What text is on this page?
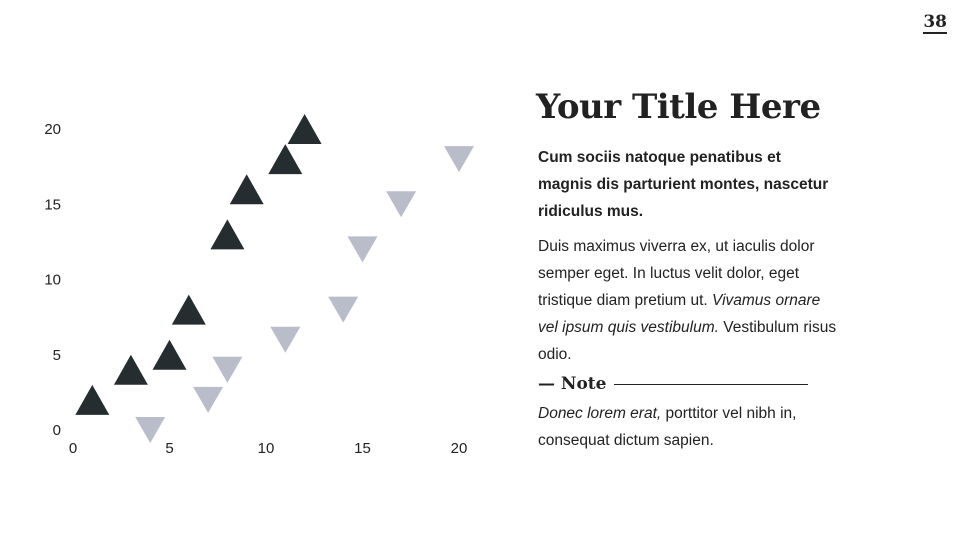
38
0
5
10
15
20
0	5	10	15	20
Your Title Here

Cum sociis natoque penatibus et magnis dis parturient montes, nascetur ridiculus mus.

Duis maximus viverra ex, ut iaculis dolor semper eget. In luctus velit dolor, eget tristique diam pretium ut. Vivamus ornare vel ipsum quis vestibulum. Vestibulum risus odio.

— Note

Donec lorem erat, porttitor vel nibh in, consequat dictum sapien.
